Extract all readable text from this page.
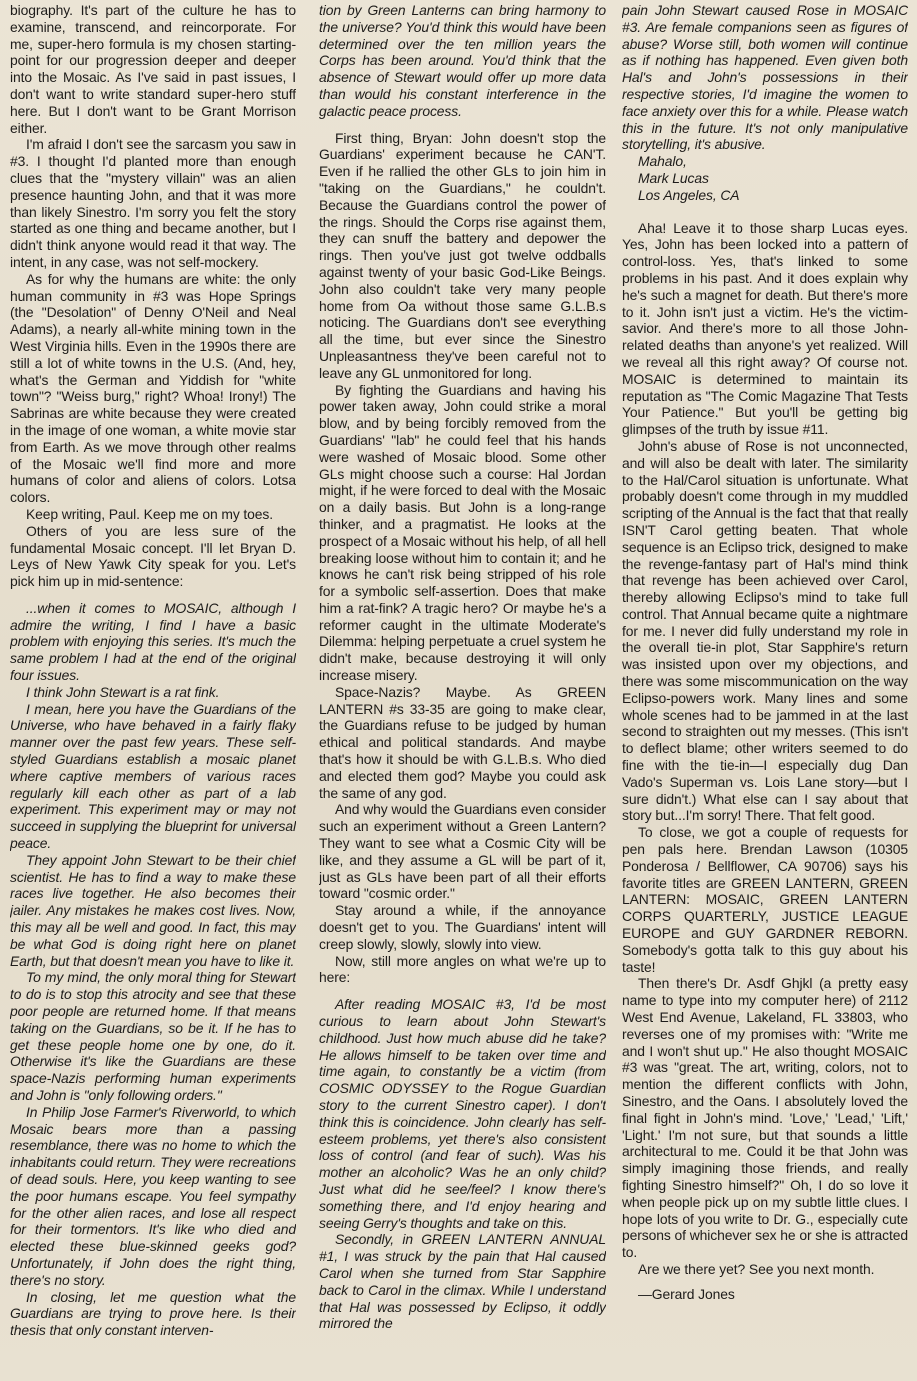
biography. It's part of the culture he has to examine, transcend, and reincorporate. For me, super-hero formula is my chosen starting-point for our progression deeper and deeper into the Mosaic. As I've said in past issues, I don't want to write standard super-hero stuff here. But I don't want to be Grant Morrison either.

I'm afraid I don't see the sarcasm you saw in #3. I thought I'd planted more than enough clues that the "mystery villain" was an alien presence haunting John, and that it was more than likely Sinestro. I'm sorry you felt the story started as one thing and became another, but I didn't think anyone would read it that way. The intent, in any case, was not self-mockery.

As for why the humans are white: the only human community in #3 was Hope Springs (the "Desolation" of Denny O'Neil and Neal Adams), a nearly all-white mining town in the West Virginia hills. Even in the 1990s there are still a lot of white towns in the U.S. (And, hey, what's the German and Yiddish for "white town"? "Weiss burg," right? Whoa! Irony!) The Sabrinas are white because they were created in the image of one woman, a white movie star from Earth. As we move through other realms of the Mosaic we'll find more and more humans of color and aliens of colors. Lotsa colors.

Keep writing, Paul. Keep me on my toes.

Others of you are less sure of the fundamental Mosaic concept. I'll let Bryan D. Leys of New Yawk City speak for you. Let's pick him up in mid-sentence:

...when it comes to MOSAIC, although I admire the writing, I find I have a basic problem with enjoying this series. It's much the same problem I had at the end of the original four issues.

I think John Stewart is a rat fink.

I mean, here you have the Guardians of the Universe, who have behaved in a fairly flaky manner over the past few years. These self-styled Guardians establish a mosaic planet where captive members of various races regularly kill each other as part of a lab experiment. This experiment may or may not succeed in supplying the blueprint for universal peace.

They appoint John Stewart to be their chief scientist. He has to find a way to make these races live together. He also becomes their jailer. Any mistakes he makes cost lives. Now, this may all be well and good. In fact, this may be what God is doing right here on planet Earth, but that doesn't mean you have to like it.

To my mind, the only moral thing for Stewart to do is to stop this atrocity and see that these poor people are returned home. If that means taking on the Guardians, so be it. If he has to get these people home one by one, do it. Otherwise it's like the Guardians are these space-Nazis performing human experiments and John is "only following orders."

In Philip Jose Farmer's Riverworld, to which Mosaic bears more than a passing resemblance, there was no home to which the inhabitants could return. They were recreations of dead souls. Here, you keep wanting to see the poor humans escape. You feel sympathy for the other alien races, and lose all respect for their tormentors. It's like who died and elected these blue-skinned geeks god? Unfortunately, if John does the right thing, there's no story.

In closing, let me question what the Guardians are trying to prove here. Is their thesis that only constant interven-

tion by Green Lanterns can bring harmony to the universe? You'd think this would have been determined over the ten million years the Corps has been around. You'd think that the absence of Stewart would offer up more data than would his constant interference in the galactic peace process.

First thing, Bryan: John doesn't stop the Guardians' experiment because he CAN'T. Even if he rallied the other GLs to join him in "taking on the Guardians," he couldn't. Because the Guardians control the power of the rings. Should the Corps rise against them, they can snuff the battery and depower the rings. Then you've just got twelve oddballs against twenty of your basic God-Like Beings. John also couldn't take very many people home from Oa without those same G.L.B.s noticing. The Guardians don't see everything all the time, but ever since the Sinestro Unpleasantness they've been careful not to leave any GL unmonitored for long.

By fighting the Guardians and having his power taken away, John could strike a moral blow, and by being forcibly removed from the Guardians' "lab" he could feel that his hands were washed of Mosaic blood. Some other GLs might choose such a course: Hal Jordan might, if he were forced to deal with the Mosaic on a daily basis. But John is a long-range thinker, and a pragmatist. He looks at the prospect of a Mosaic without his help, of all hell breaking loose without him to contain it; and he knows he can't risk being stripped of his role for a symbolic self-assertion. Does that make him a rat-fink? A tragic hero? Or maybe he's a reformer caught in the ultimate Moderate's Dilemma: helping perpetuate a cruel system he didn't make, because destroying it will only increase misery.

Space-Nazis? Maybe. As GREEN LANTERN #s 33-35 are going to make clear, the Guardians refuse to be judged by human ethical and political standards. And maybe that's how it should be with G.L.B.s. Who died and elected them god? Maybe you could ask the same of any god.

And why would the Guardians even consider such an experiment without a Green Lantern? They want to see what a Cosmic City will be like, and they assume a GL will be part of it, just as GLs have been part of all their efforts toward "cosmic order."

Stay around a while, if the annoyance doesn't get to you. The Guardians' intent will creep slowly, slowly, slowly into view.

Now, still more angles on what we're up to here:

After reading MOSAIC #3, I'd be most curious to learn about John Stewart's childhood. Just how much abuse did he take? He allows himself to be taken over time and time again, to constantly be a victim (from COSMIC ODYSSEY to the Rogue Guardian story to the current Sinestro caper). I don't think this is coincidence. John clearly has self-esteem problems, yet there's also consistent loss of control (and fear of such). Was his mother an alcoholic? Was he an only child? Just what did he see/feel? I know there's something there, and I'd enjoy hearing and seeing Gerry's thoughts and take on this.

Secondly, in GREEN LANTERN ANNUAL #1, I was struck by the pain that Hal caused Carol when she turned from Star Sapphire back to Carol in the climax. While I understand that Hal was possessed by Eclipso, it oddly mirrored the

pain John Stewart caused Rose in MOSAIC #3. Are female companions seen as figures of abuse? Worse still, both women will continue as if nothing has happened. Even given both Hal's and John's possessions in their respective stories, I'd imagine the women to face anxiety over this for a while. Please watch this in the future. It's not only manipulative storytelling, it's abusive.

Mahalo,

Mark Lucas

Los Angeles, CA

Aha! Leave it to those sharp Lucas eyes. Yes, John has been locked into a pattern of control-loss. Yes, that's linked to some problems in his past. And it does explain why he's such a magnet for death. But there's more to it. John isn't just a victim. He's the victim-savior. And there's more to all those John-related deaths than anyone's yet realized. Will we reveal all this right away? Of course not. MOSAIC is determined to maintain its reputation as "The Comic Magazine That Tests Your Patience." But you'll be getting big glimpses of the truth by issue #11.

John's abuse of Rose is not unconnected, and will also be dealt with later. The similarity to the Hal/Carol situation is unfortunate. What probably doesn't come through in my muddled scripting of the Annual is the fact that that really ISN'T Carol getting beaten. That whole sequence is an Eclipso trick, designed to make the revenge-fantasy part of Hal's mind think that revenge has been achieved over Carol, thereby allowing Eclipso's mind to take full control. That Annual became quite a nightmare for me. I never did fully understand my role in the overall tie-in plot, Star Sapphire's return was insisted upon over my objections, and there was some miscommunication on the way Eclipso-powers work. Many lines and some whole scenes had to be jammed in at the last second to straighten out my messes. (This isn't to deflect blame; other writers seemed to do fine with the tie-in—I especially dug Dan Vado's Superman vs. Lois Lane story—but I sure didn't.) What else can I say about that story but...I'm sorry! There. That felt good.

To close, we got a couple of requests for pen pals here. Brendan Lawson (10305 Ponderosa / Bellflower, CA 90706) says his favorite titles are GREEN LANTERN, GREEN LANTERN: MOSAIC, GREEN LANTERN CORPS QUARTERLY, JUSTICE LEAGUE EUROPE and GUY GARDNER REBORN. Somebody's gotta talk to this guy about his taste!

Then there's Dr. Asdf Ghjkl (a pretty easy name to type into my computer here) of 2112 West End Avenue, Lakeland, FL 33803, who reverses one of my promises with: "Write me and I won't shut up." He also thought MOSAIC #3 was "great. The art, writing, colors, not to mention the different conflicts with John, Sinestro, and the Oans. I absolutely loved the final fight in John's mind. 'Love,' 'Lead,' 'Lift,' 'Light.' I'm not sure, but that sounds a little architectural to me. Could it be that John was simply imagining those friends, and really fighting Sinestro himself?" Oh, I do so love it when people pick up on my subtle little clues. I hope lots of you write to Dr. G., especially cute persons of whichever sex he or she is attracted to.

Are we there yet? See you next month.

—Gerard Jones
